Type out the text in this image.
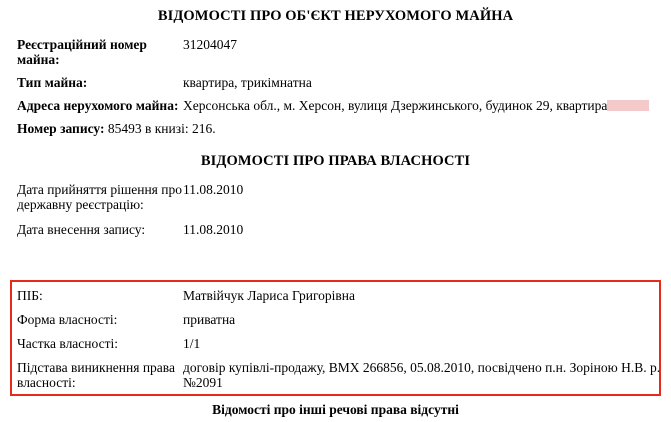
ВІДОМОСТІ ПРО ОБ'ЄКТ НЕРУХОМОГО МАЙНА
Реєстраційний номер майна:
31204047
Тип майна:	квартира, трикімнатна
Адреса нерухомого майна: Херсонська обл., м. Херсон, вулиця Дзержинського, будинок 29, квартира
Номер запису: 85493 в книзі: 216.
ВІДОМОСТІ ПРО ПРАВА ВЛАСНОСТІ
Дата прийняття рішення про державну реєстрацію:
11.08.2010
Дата внесення запису:	11.08.2010
ПІБ:	Матвійчук Лариса Григорівна
Форма власності:	приватна
Частка власності:	1/1
Підстава виникнення права власності:
договір купівлі-продажу, ВМХ 266856, 05.08.2010, посвідчено п.н. Зоріною Н.В. р.№2091
Відомості про інші речові права відсутні
